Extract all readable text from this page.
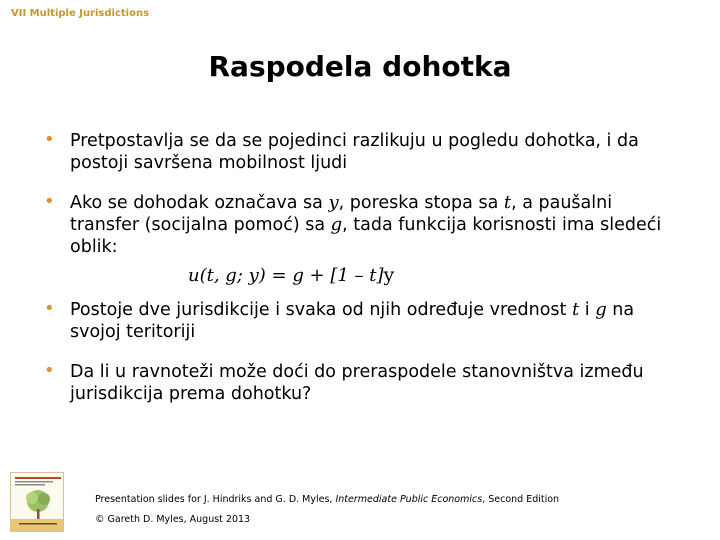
VII Multiple Jurisdictions
Raspodela dohotka
• Pretpostavlja se da se pojedinci razlikuju u pogledu dohotka, i da postoji savršena mobilnost ljudi
• Ako se dohodak označava sa y, poreska stopa sa t, a paušalni transfer (socijalna pomoć) sa g, tada funkcija korisnosti ima sledeći oblik:
u(t, g; y) = g + [1 – t]y
• Postoje dve jurisdikcije i svaka od njih određuje vrednost t i g na svojoj teritoriji
• Da li u ravnoteži može doći do preraspodele stanovništva između jurisdikcija prema dohotku?
Presentation slides for J. Hindriks and G. D. Myles, Intermediate Public Economics, Second Edition
© Gareth D. Myles, August 2013
